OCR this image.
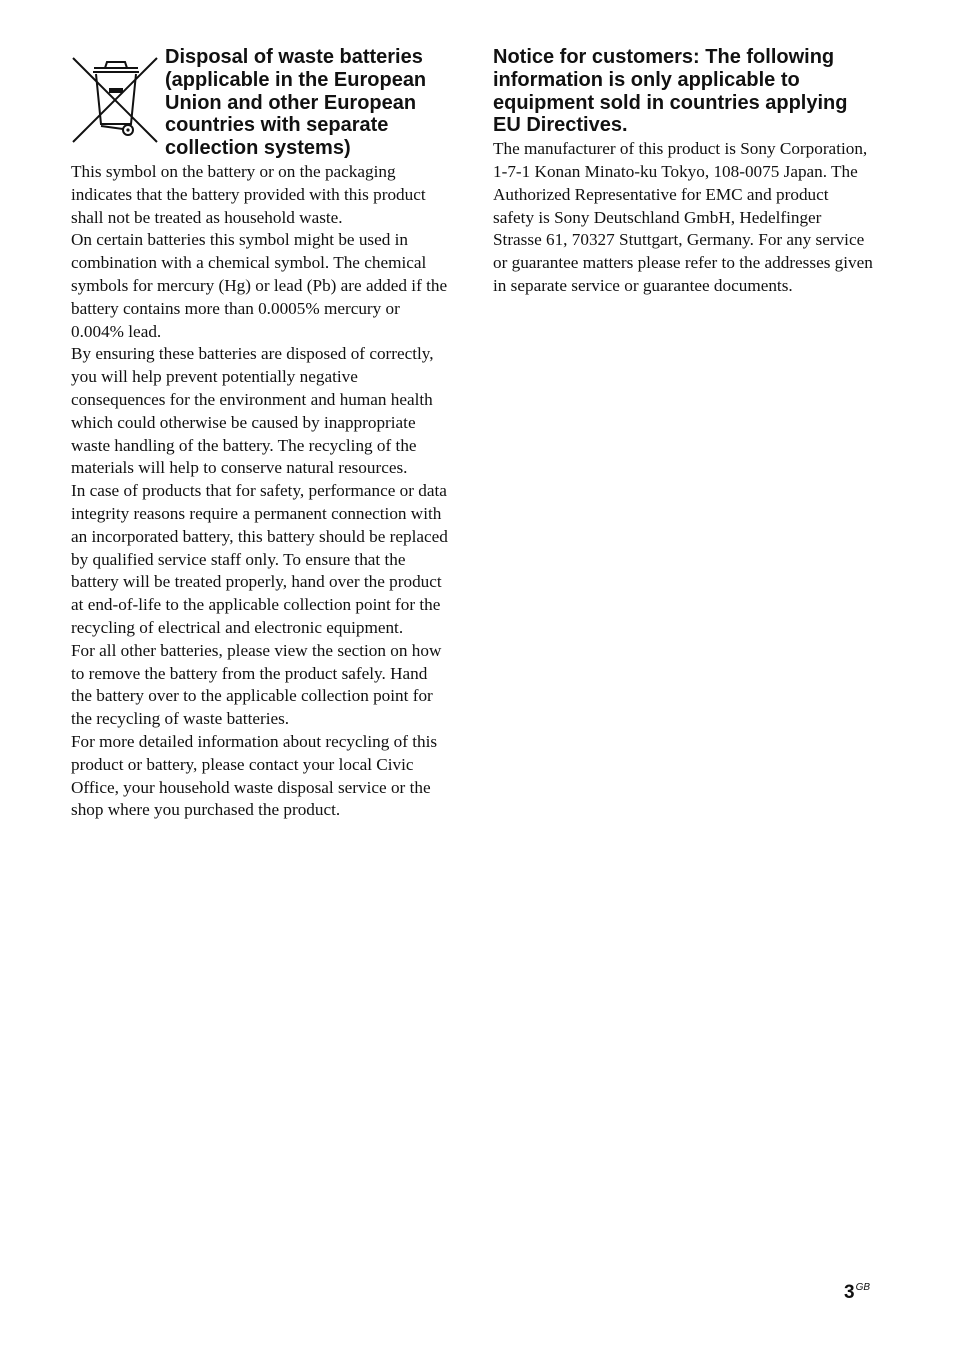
Disposal of waste batteries (applicable in the European Union and other European countries with separate collection systems)

This symbol on the battery or on the packaging indicates that the battery provided with this product shall not be treated as household waste.

On certain batteries this symbol might be used in combination with a chemical symbol. The chemical symbols for mercury (Hg) or lead (Pb) are added if the battery contains more than 0.0005% mercury or 0.004% lead.

By ensuring these batteries are disposed of correctly, you will help prevent potentially negative consequences for the environment and human health which could otherwise be caused by inappropriate waste handling of the battery. The recycling of the materials will help to conserve natural resources.

In case of products that for safety, performance or data integrity reasons require a permanent connection with an incorporated battery, this battery should be replaced by qualified service staff only. To ensure that the battery will be treated properly, hand over the product at end-of-life to the applicable collection point for the recycling of electrical and electronic equipment.

For all other batteries, please view the section on how to remove the battery from the product safely. Hand the battery over to the applicable collection point for the recycling of waste batteries.

For more detailed information about recycling of this product or battery, please contact your local Civic Office, your household waste disposal service or the shop where you purchased the product.

Notice for customers: The following information is only applicable to equipment sold in countries applying EU Directives.

The manufacturer of this product is Sony Corporation, 1-7-1 Konan Minato-ku Tokyo, 108-0075 Japan. The Authorized Representative for EMC and product safety is Sony Deutschland GmbH, Hedelfinger Strasse 61, 70327 Stuttgart, Germany. For any service or guarantee matters please refer to the addresses given in separate service or guarantee documents.

$3^{GB}$
